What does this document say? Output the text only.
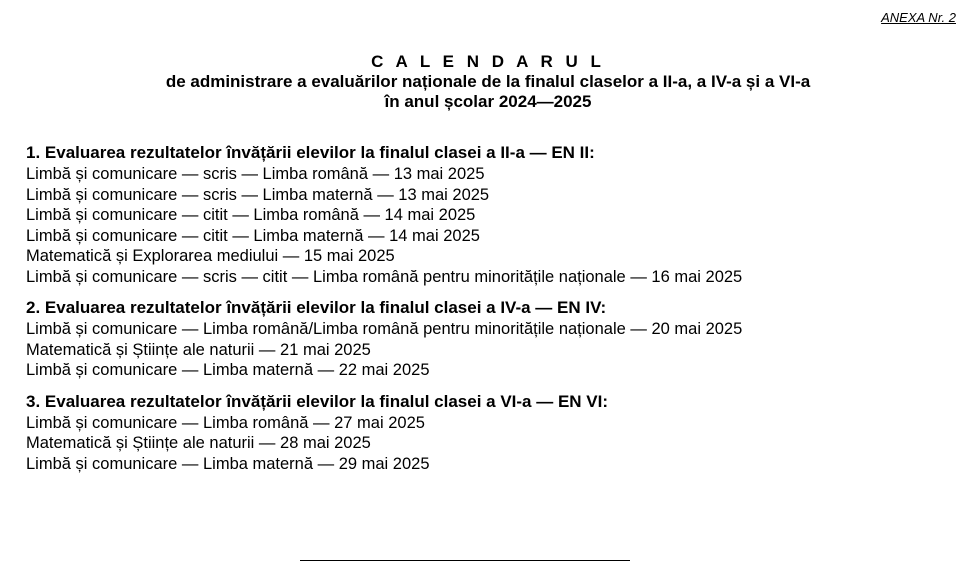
ANEXA Nr. 2
C A L E N D A R U L
de administrare a evaluărilor naționale de la finalul claselor a II-a, a IV-a și a VI-a
în anul școlar 2024—2025
1. Evaluarea rezultatelor învățării elevilor la finalul clasei a II-a — EN II:
Limbă și comunicare — scris — Limba română — 13 mai 2025
Limbă și comunicare — scris — Limba maternă — 13 mai 2025
Limbă și comunicare — citit — Limba română — 14 mai 2025
Limbă și comunicare — citit — Limba maternă — 14 mai 2025
Matematică și Explorarea mediului — 15 mai 2025
Limbă și comunicare — scris — citit — Limba română pentru minoritățile naționale — 16 mai 2025
2. Evaluarea rezultatelor învățării elevilor la finalul clasei a IV-a — EN IV:
Limbă și comunicare — Limba română/Limba română pentru minoritățile naționale — 20 mai 2025
Matematică și Științe ale naturii — 21 mai 2025
Limbă și comunicare — Limba maternă — 22 mai 2025
3. Evaluarea rezultatelor învățării elevilor la finalul clasei a VI-a — EN VI:
Limbă și comunicare — Limba română — 27 mai 2025
Matematică și Științe ale naturii — 28 mai 2025
Limbă și comunicare — Limba maternă — 29 mai 2025
